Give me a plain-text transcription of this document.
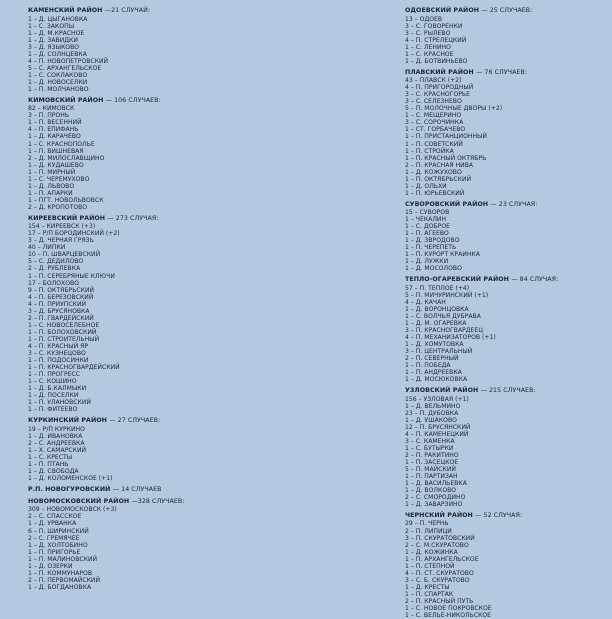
КАМЕНСКИЙ РАЙОН —21 СЛУЧАЙ:
1 – Д. ЦЫГАНОВКА
1 – С. ЗАКОПЫ
1 – Д. М.КРАСНОЕ
1 – Д. ЗАВИДКИ
3 – Д. ЯЗЫКОВО
1 – Д. СОЛНЦЕВКА
4 – П. НОВОПЕТРОВСКИЙ
5 – С. АРХАНГЕЛЬСКОЕ
1 – С. СОКЛАКОВО
1 – Д. НОВОСЕЛКИ
1 – П. МОЛЧАНОВО
КИМОВСКИЙ РАЙОН — 106 СЛУЧАЕВ:
82 – КИМОВСК
3 – П. ПРОНЬ
1 – П. ВЕСЕННИЙ
4 – П. ЕПИФАНЬ
1 – Д. КАРАЧЕВО
1 – С. КРАСНОПОЛЬЕ
1 – П. ВИШНЕВАЯ
2 – Д. МИЛОСЛАВЩИНО
1 – Д. КУДАШЕВО
1 – П. МИРНЫЙ
1 – С. ЧЕРЕМУХОВО
1 – Д. ЛЬВОВО
1 – П. АПАРКИ
1 – ПГТ. НОВОЛЬВОВСК
2 – Д. КРОПОТОВО
КИРЕЕВСКИЙ РАЙОН — 273 СЛУЧАЯ:
154 – КИРЕЕВСК (+3)
17 – Р/П БОРОДИНСКИЙ (+2)
3 – Д. ЧЕРНАЯ ГРЯЗЬ
40 – ЛИПКИ
10 – П. ШВАРЦЕВСКИЙ
5 – С. ДЕДИЛОВО
2 – Д. РУБЛЕВКА
1 – П. СЕРЕБРЯНЫЕ КЛЮЧИ
17 – БОЛОХОВО
9 – П. ОКТЯБРЬСКИЙ
4 – П. БЕРЕЗОВСКИЙ
4 – П. ПРИУПСКИЙ
3 – Д. БРУСЯНОВКА
2 – П. ГВАРДЕЙСКИЙ
1 – С. НОВОСЕЛЕБНОЕ
1 – П. БОЛОХОВСКИЙ
1 – П. СТРОИТЕЛЬНЫЙ
4 – П. КРАСНЫЙ ЯР
3 – С. КУЗНЕЦОВО
1 – П. ПОДОСИНКИ
1 – П. КРАСНОГВАРДЕЙСКИЙ
1 – П. ПРОГРЕСС
1 – С. КОШИНО
1 – Д. Б.КАЛМЫКИ
1 – Д. ПОСЕЛКИ
1 – П. УЛАНОВСКИЙ
1 – П. ФИТЕЕВО
КУРКИНСКИЙ РАЙОН — 27 СЛУЧАЕВ:
19 – Р/П КУРКИНО
1 – Д. ИВАНОВКА
2 – С. АНДРЕЕВКА
1 – Х. САМАРСКИЙ
1 – С. КРЕСТЫ
1 – П. ПТАНЬ
1 – Д. СВОБОДА
1 – Д. КОЛОМЕНСКОЕ (+1)
Р.П. НОВОГУРОВСКИЙ — 14 СЛУЧАЕВ
НОВОМОСКОВСКИЙ РАЙОН —328 СЛУЧАЕВ:
309 – НОВОМОСКОВСК (+3)
2 – С. СПАССКОЕ
1 – Д. УРВАНКА
6 – П. ШИРИНСКИЙ
2 – С. ГРЕМЯЧЕЕ
1 – Д. ХОЛТОБИНО
1 – П. ПРИГОРЬЕ
1 – П. МАЛИНОВСКИЙ
1 – Д. ОЗЕРКИ
1 – П. КОММУНАРОВ
2 – П. ПЕРВОМАЙСКИЙ
1 – Д. БОГДАНОВКА
ОДОЕВСКИЙ РАЙОН — 25 СЛУЧАЕВ:
13 – ОДОЕВ
3 – С. ГОВОРЕНКИ
3 – С. РЫЛЕВО
4 – П. СТРЕЛЕЦКИЙ
1 – С. ЛЕНИНО
1 – С. КРАСНОЕ
1 – Д. БОТВИНЬЕВО
ПЛАВСКИЙ РАЙОН — 76 СЛУЧАЕВ:
43 – ПЛАВСК (+2)
4 – П. ПРИГОРОДНЫЙ
3 – С. КРАСНОГОРЬЕ
3 – С. СЕЛЕЗНЕВО
5 – П. МОЛОЧНЫЕ ДВОРЫ (+2)
1 – С. МЕЩЕРИНО
3 – С. СОРОЧИНКА
1 – СТ. ГОРБАЧЕВО
1 – П. ПРИСТАНЦИОННЫЙ
1 – П. СОВЕТСКИЙ
1 – П. СТРОЙКА
1 – П. КРАСНЫЙ ОКТЯБРЬ
2 – П. КРАСНАЯ НИВА
1 – Д. КОЖУХОВО
1 – П. ОКТЯБРЬСКИЙ
1 – Д. ОЛЬХИ
1 – П. ЮРЬЕВСКИЙ
СУВОРОВСКИЙ РАЙОН — 23 СЛУЧАЯ:
15 – СУВОРОВ
1 – ЧЕКАЛИН
1 – С. ДОБРОЕ
1 – П. АГЕЕВО
1 – Д. ЗВРОДОВО
1 – П. ЧЕРЕПЕТЬ
1 – П. КУРОРТ КРАИНКА
1 – Д. ЛУЖКИ
1 – Д. МОСОЛОВО
ТЕПЛО-ОГАРЕВСКИЙ РАЙОН — 84 СЛУЧАЯ:
57 – П. ТЕПЛОЕ (+4)
5 – П. МИЧУРИНСКИЙ (+1)
4 – Д. КАЧАН
1 – Д. ВОРОНЦОВКА
1 – С. ВОЛЧЬЯ ДУБРАВА
1 – Д. М. ОГАРЕВКА
3 – П. КРАСНОГВАРДЕЕЦ
4 – П. МЕХАНИЗАТОРОВ (+1)
1 – Д. ХОМУТОВКА
3 – П. ЦЕНТРАЛЬНЫЙ
2 – П. СЕВЕРНЫЙ
1 – П. ПОБЕДА
1 – П. АНДРЕЕВКА
1 – Д. МОСЮКОВКА
УЗЛОВСКИЙ РАЙОН — 215 СЛУЧАЕВ:
156 – УЗЛОВАЯ (+1)
1 – Д. ВЕЛЬМИНО
23 – П. ДУБОВКА
1 – Д. УШАКОВО
12 – П. БРУСЯНСКИЙ
4 – П. КАМЕНЕЦКИЙ
3 – С. КАМЕНКА
1 – С. БУТЫРКИ
2 – П. РАКИТИНО
1 – П. ЗАСЕЦКОЕ
5 – П. МАЙСКИЙ
1 – П. ПАРТИЗАН
1 – Д. ВАСИЛЬЕВКА
1 – Д. ВОЛКОВО
2 – С. СМОРОДИНО
1 – Д. ЗАВАРЗИНО
ЧЕРНСКИЙ РАЙОН — 52 СЛУЧАЯ:
29 – П. ЧЕРНЬ
2 – П. ЛИПИЦИ
3 – П. СКУРАТОВСКИЙ
2 – С. М.СКУРАТОВО
1 – Д. КОЖИНКА
1 – П. АРХАНГЕЛЬСКОЕ
1 – П. СТЕПНОЙ
4 – П. СТ. СКУРАТОВО
3 – С. Б. СКУРАТОВО
1 – Д. КРЕСТЫ
1 – П. СПАРТАК
2 – П. КРАСНЫЙ ПУТЬ
1 – С. НОВОЕ ПОКРОВСКОЕ
1 – С. ВЕЛЬЕ-НИКОЛЬСКОЕ
